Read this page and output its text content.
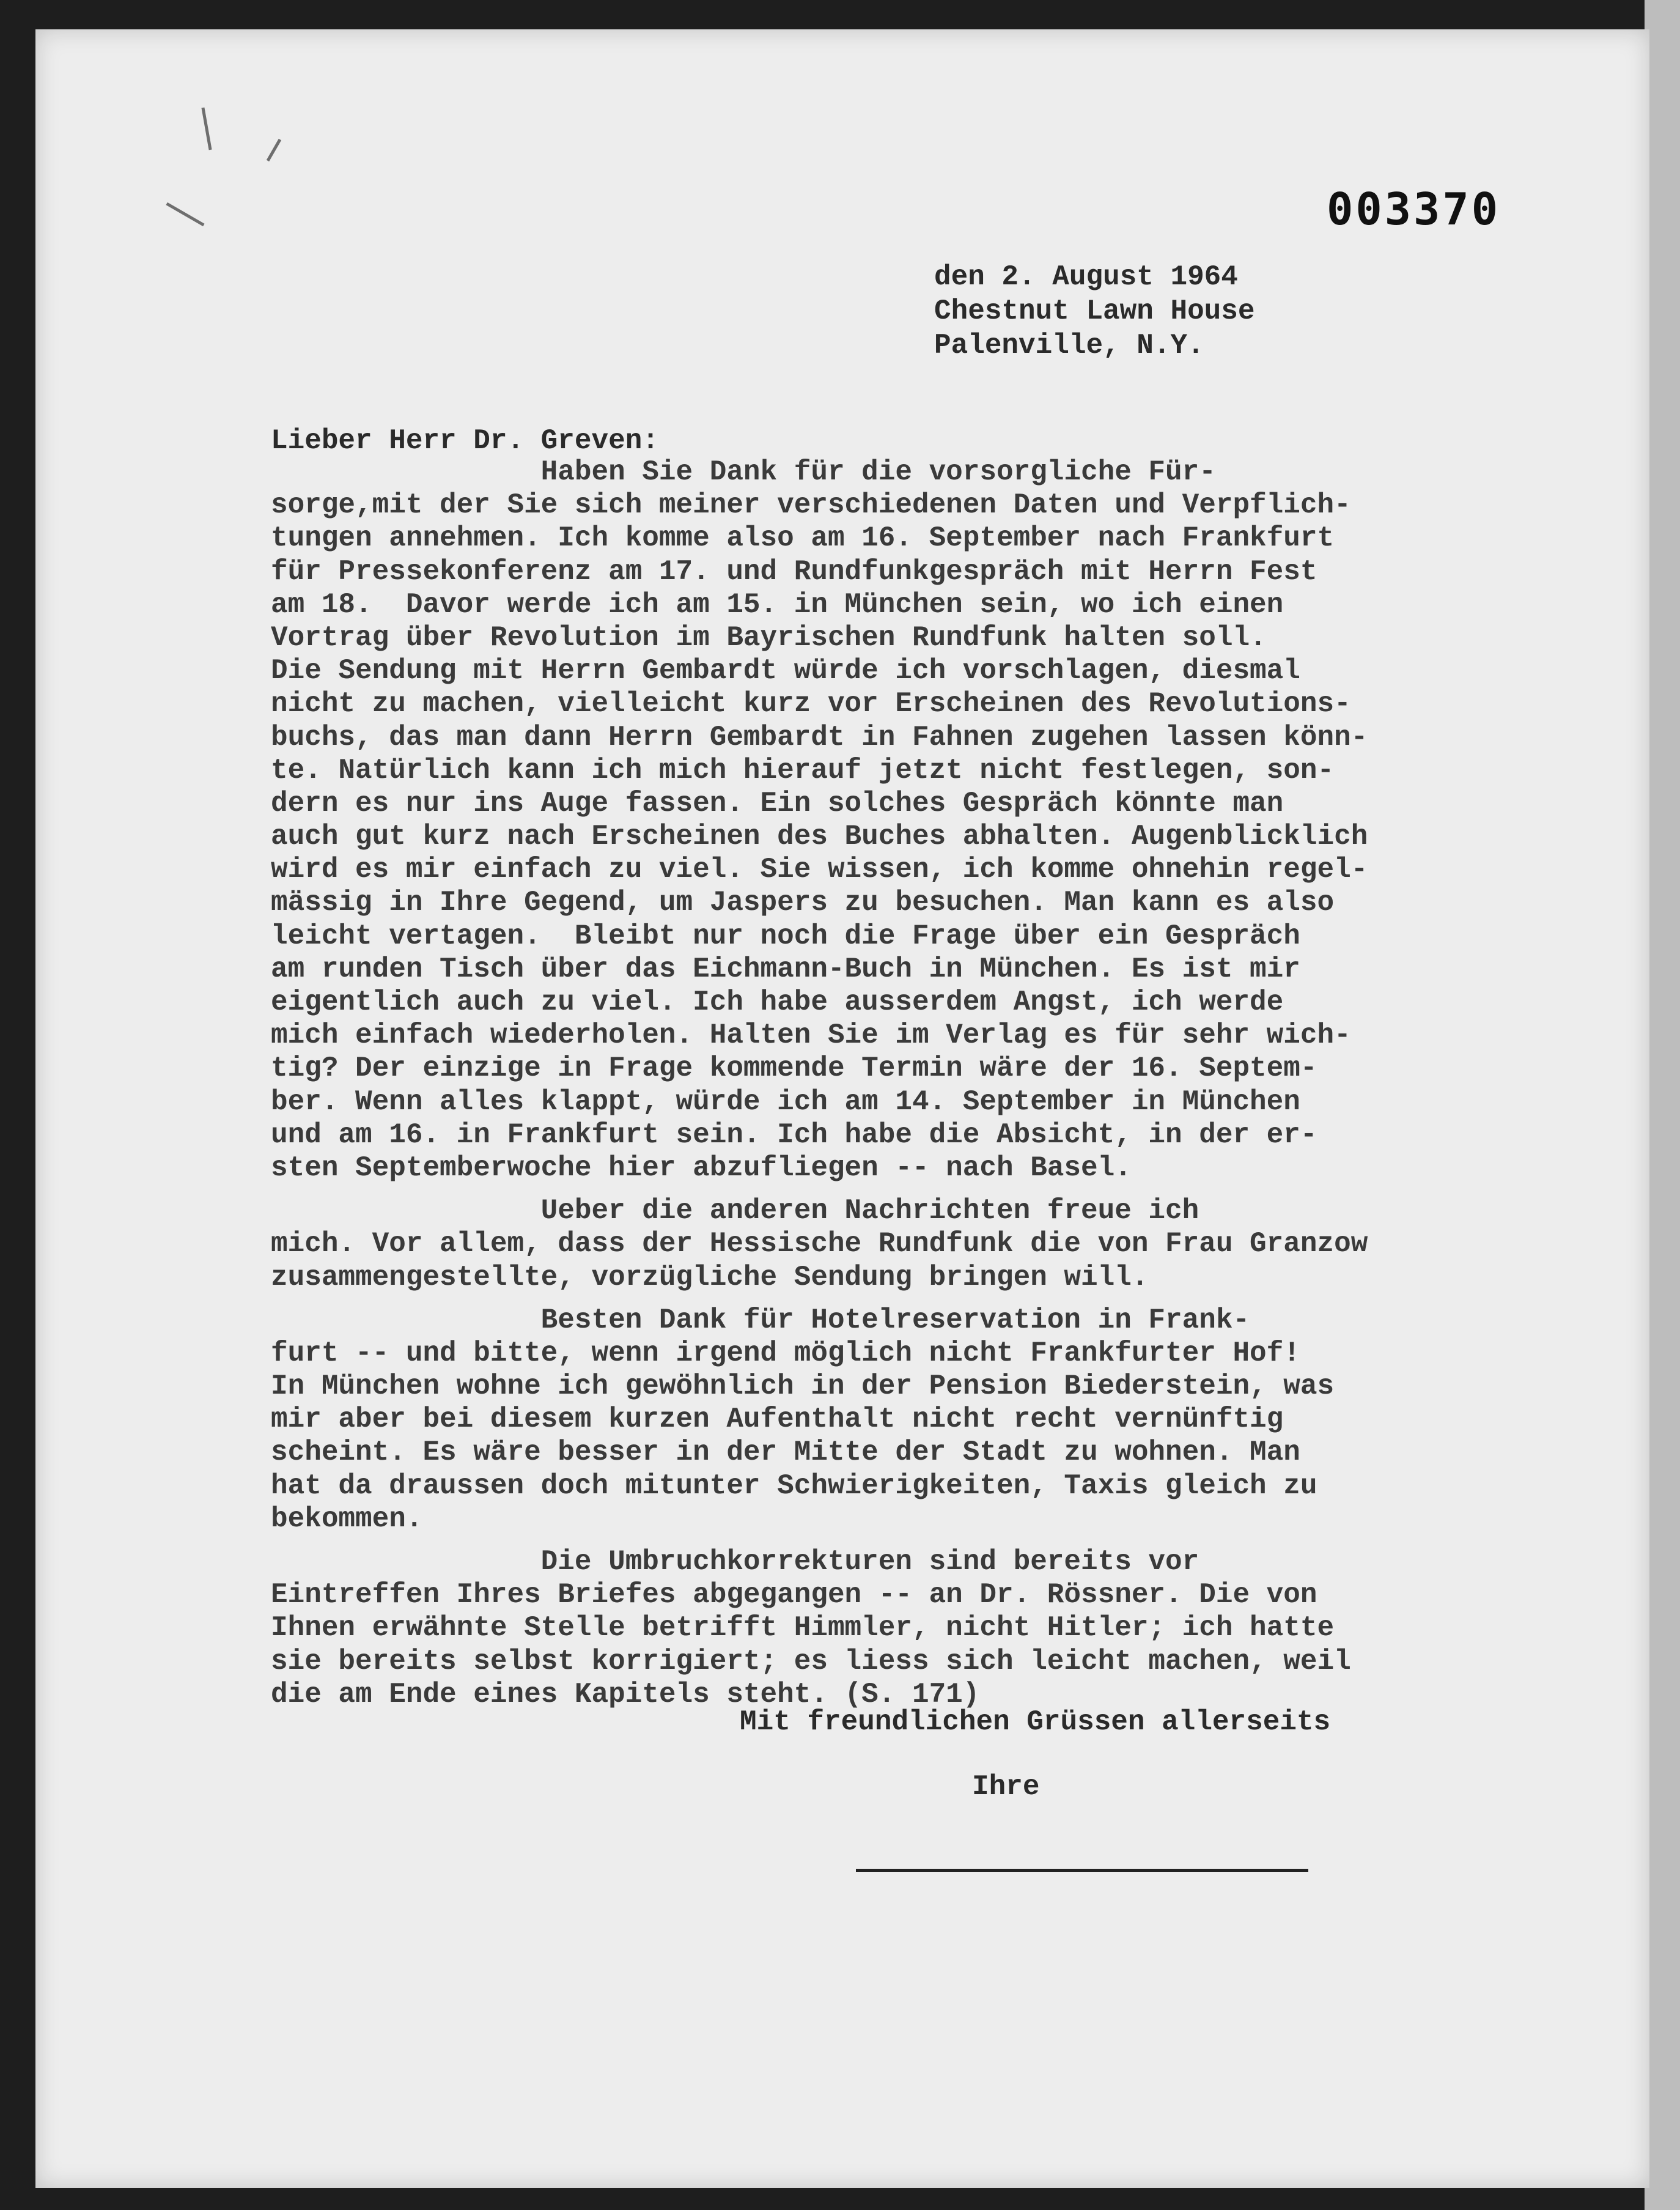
003370
den 2. August 1964
Chestnut Lawn House
Palenville, N.Y.
Lieber Herr Dr. Greven:
Haben Sie Dank für die vorsorgliche Für-
sorge,mit der Sie sich meiner verschiedenen Daten und Verpflich-
tungen annehmen. Ich komme also am 16. September nach Frankfurt
für Pressekonferenz am 17. und Rundfunkgespräch mit Herrn Fest
am 18.  Davor werde ich am 15. in München sein, wo ich einen
Vortrag über Revolution im Bayrischen Rundfunk halten soll.
Die Sendung mit Herrn Gembardt würde ich vorschlagen, diesmal
nicht zu machen, vielleicht kurz vor Erscheinen des Revolutions-
buchs, das man dann Herrn Gembardt in Fahnen zugehen lassen könn-
te. Natürlich kann ich mich hierauf jetzt nicht festlegen, son-
dern es nur ins Auge fassen. Ein solches Gespräch könnte man
auch gut kurz nach Erscheinen des Buches abhalten. Augenblicklich
wird es mir einfach zu viel. Sie wissen, ich komme ohnehin regel-
mässig in Ihre Gegend, um Jaspers zu besuchen. Man kann es also
leicht vertagen.  Bleibt nur noch die Frage über ein Gespräch
am runden Tisch über das Eichmann-Buch in München. Es ist mir
eigentlich auch zu viel. Ich habe ausserdem Angst, ich werde
mich einfach wiederholen. Halten Sie im Verlag es für sehr wich-
tig? Der einzige in Frage kommende Termin wäre der 16. Septem-
ber. Wenn alles klappt, würde ich am 14. September in München
und am 16. in Frankfurt sein. Ich habe die Absicht, in der er-
sten Septemberwoche hier abzufliegen -- nach Basel.
Ueber die anderen Nachrichten freue ich
mich. Vor allem, dass der Hessische Rundfunk die von Frau Granzow
zusammengestellte, vorzügliche Sendung bringen will.
Besten Dank für Hotelreservation in Frank-
furt -- und bitte, wenn irgend möglich nicht Frankfurter Hof!
In München wohne ich gewöhnlich in der Pension Biederstein, was
mir aber bei diesem kurzen Aufenthalt nicht recht vernünftig
scheint. Es wäre besser in der Mitte der Stadt zu wohnen. Man
hat da draussen doch mitunter Schwierigkeiten, Taxis gleich zu
bekommen.
Die Umbruchkorrekturen sind bereits vor
Eintreffen Ihres Briefes abgegangen -- an Dr. Rössner. Die von
Ihnen erwähnte Stelle betrifft Himmler, nicht Hitler; ich hatte
sie bereits selbst korrigiert; es liess sich leicht machen, weil
die am Ende eines Kapitels steht. (S. 171)
Mit freundlichen Grüssen allerseits
Ihre
